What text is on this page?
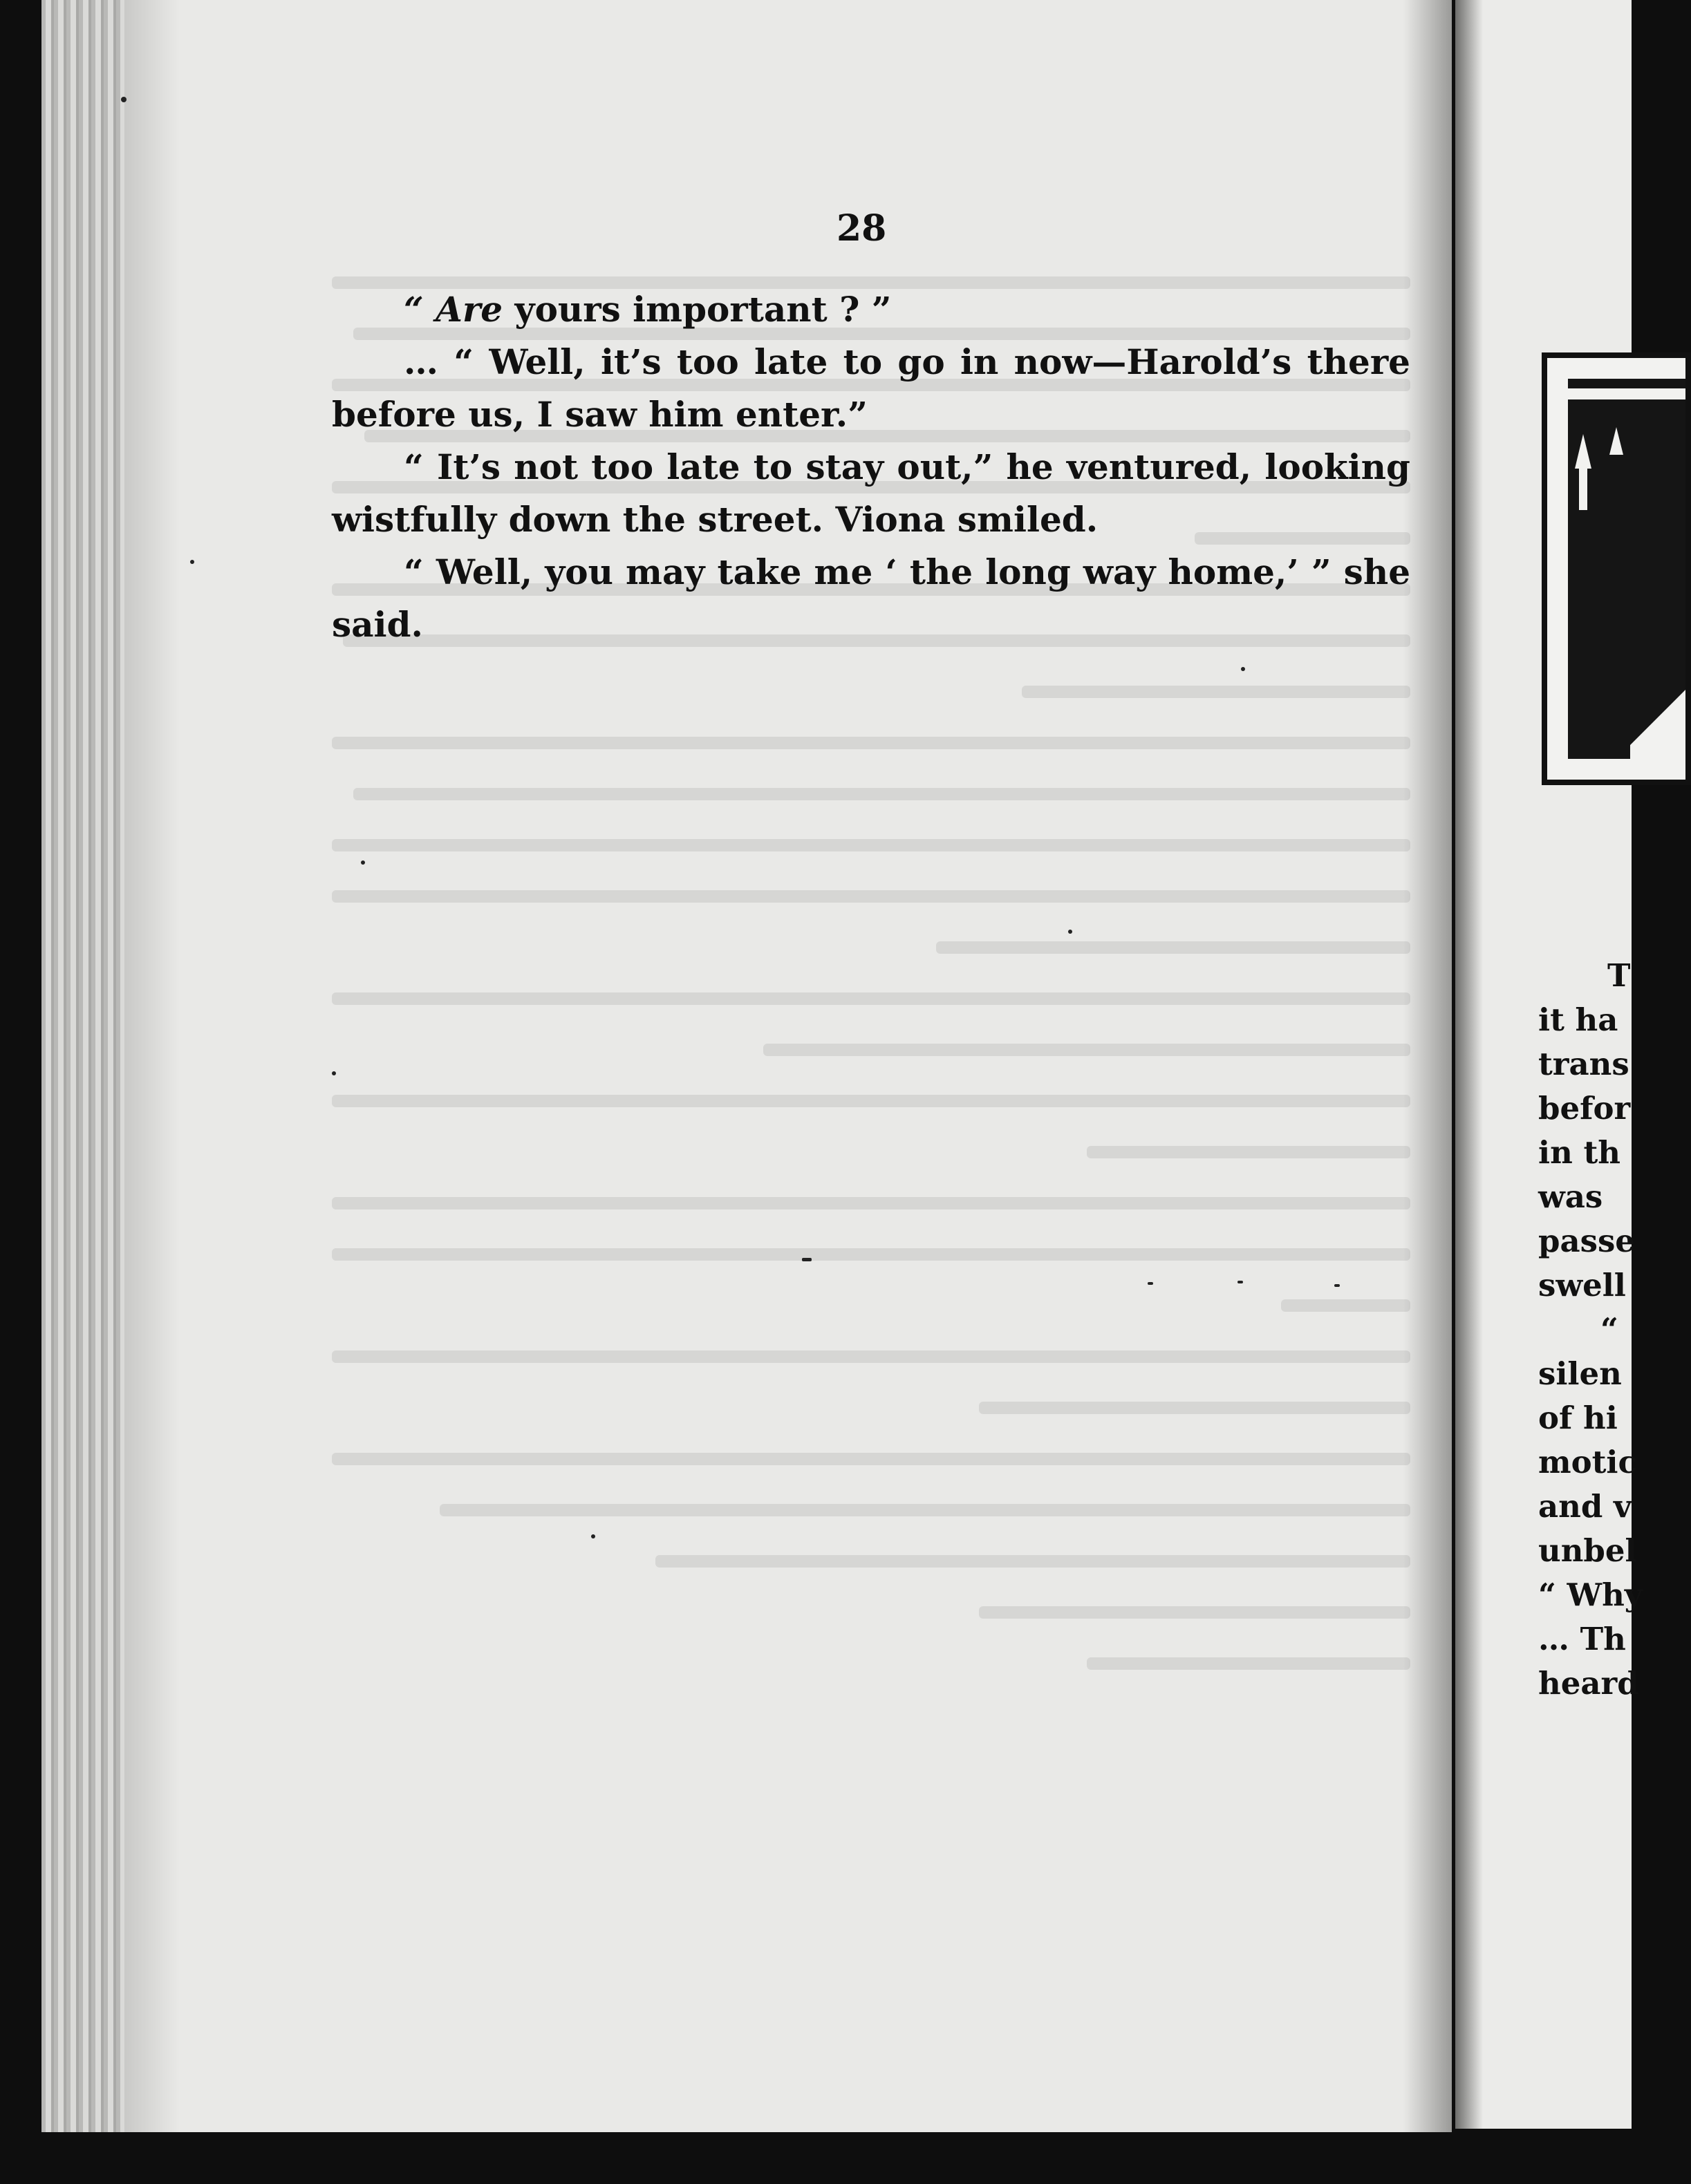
28

“ Are yours important ? ”

… “ Well, it’s too late to go in now—Harold’s there before us, I saw him enter.”

“ It’s not too late to stay out,” he ventured, looking wistfully down the street. Viona smiled.

“ Well, you may take me ‘ the long way home,’ ” she said.

T
it ha
trans
befor
in th
was
passe
swell
“
silen
of hi
motic
and v
unbel
“ Why
… Th
heard
